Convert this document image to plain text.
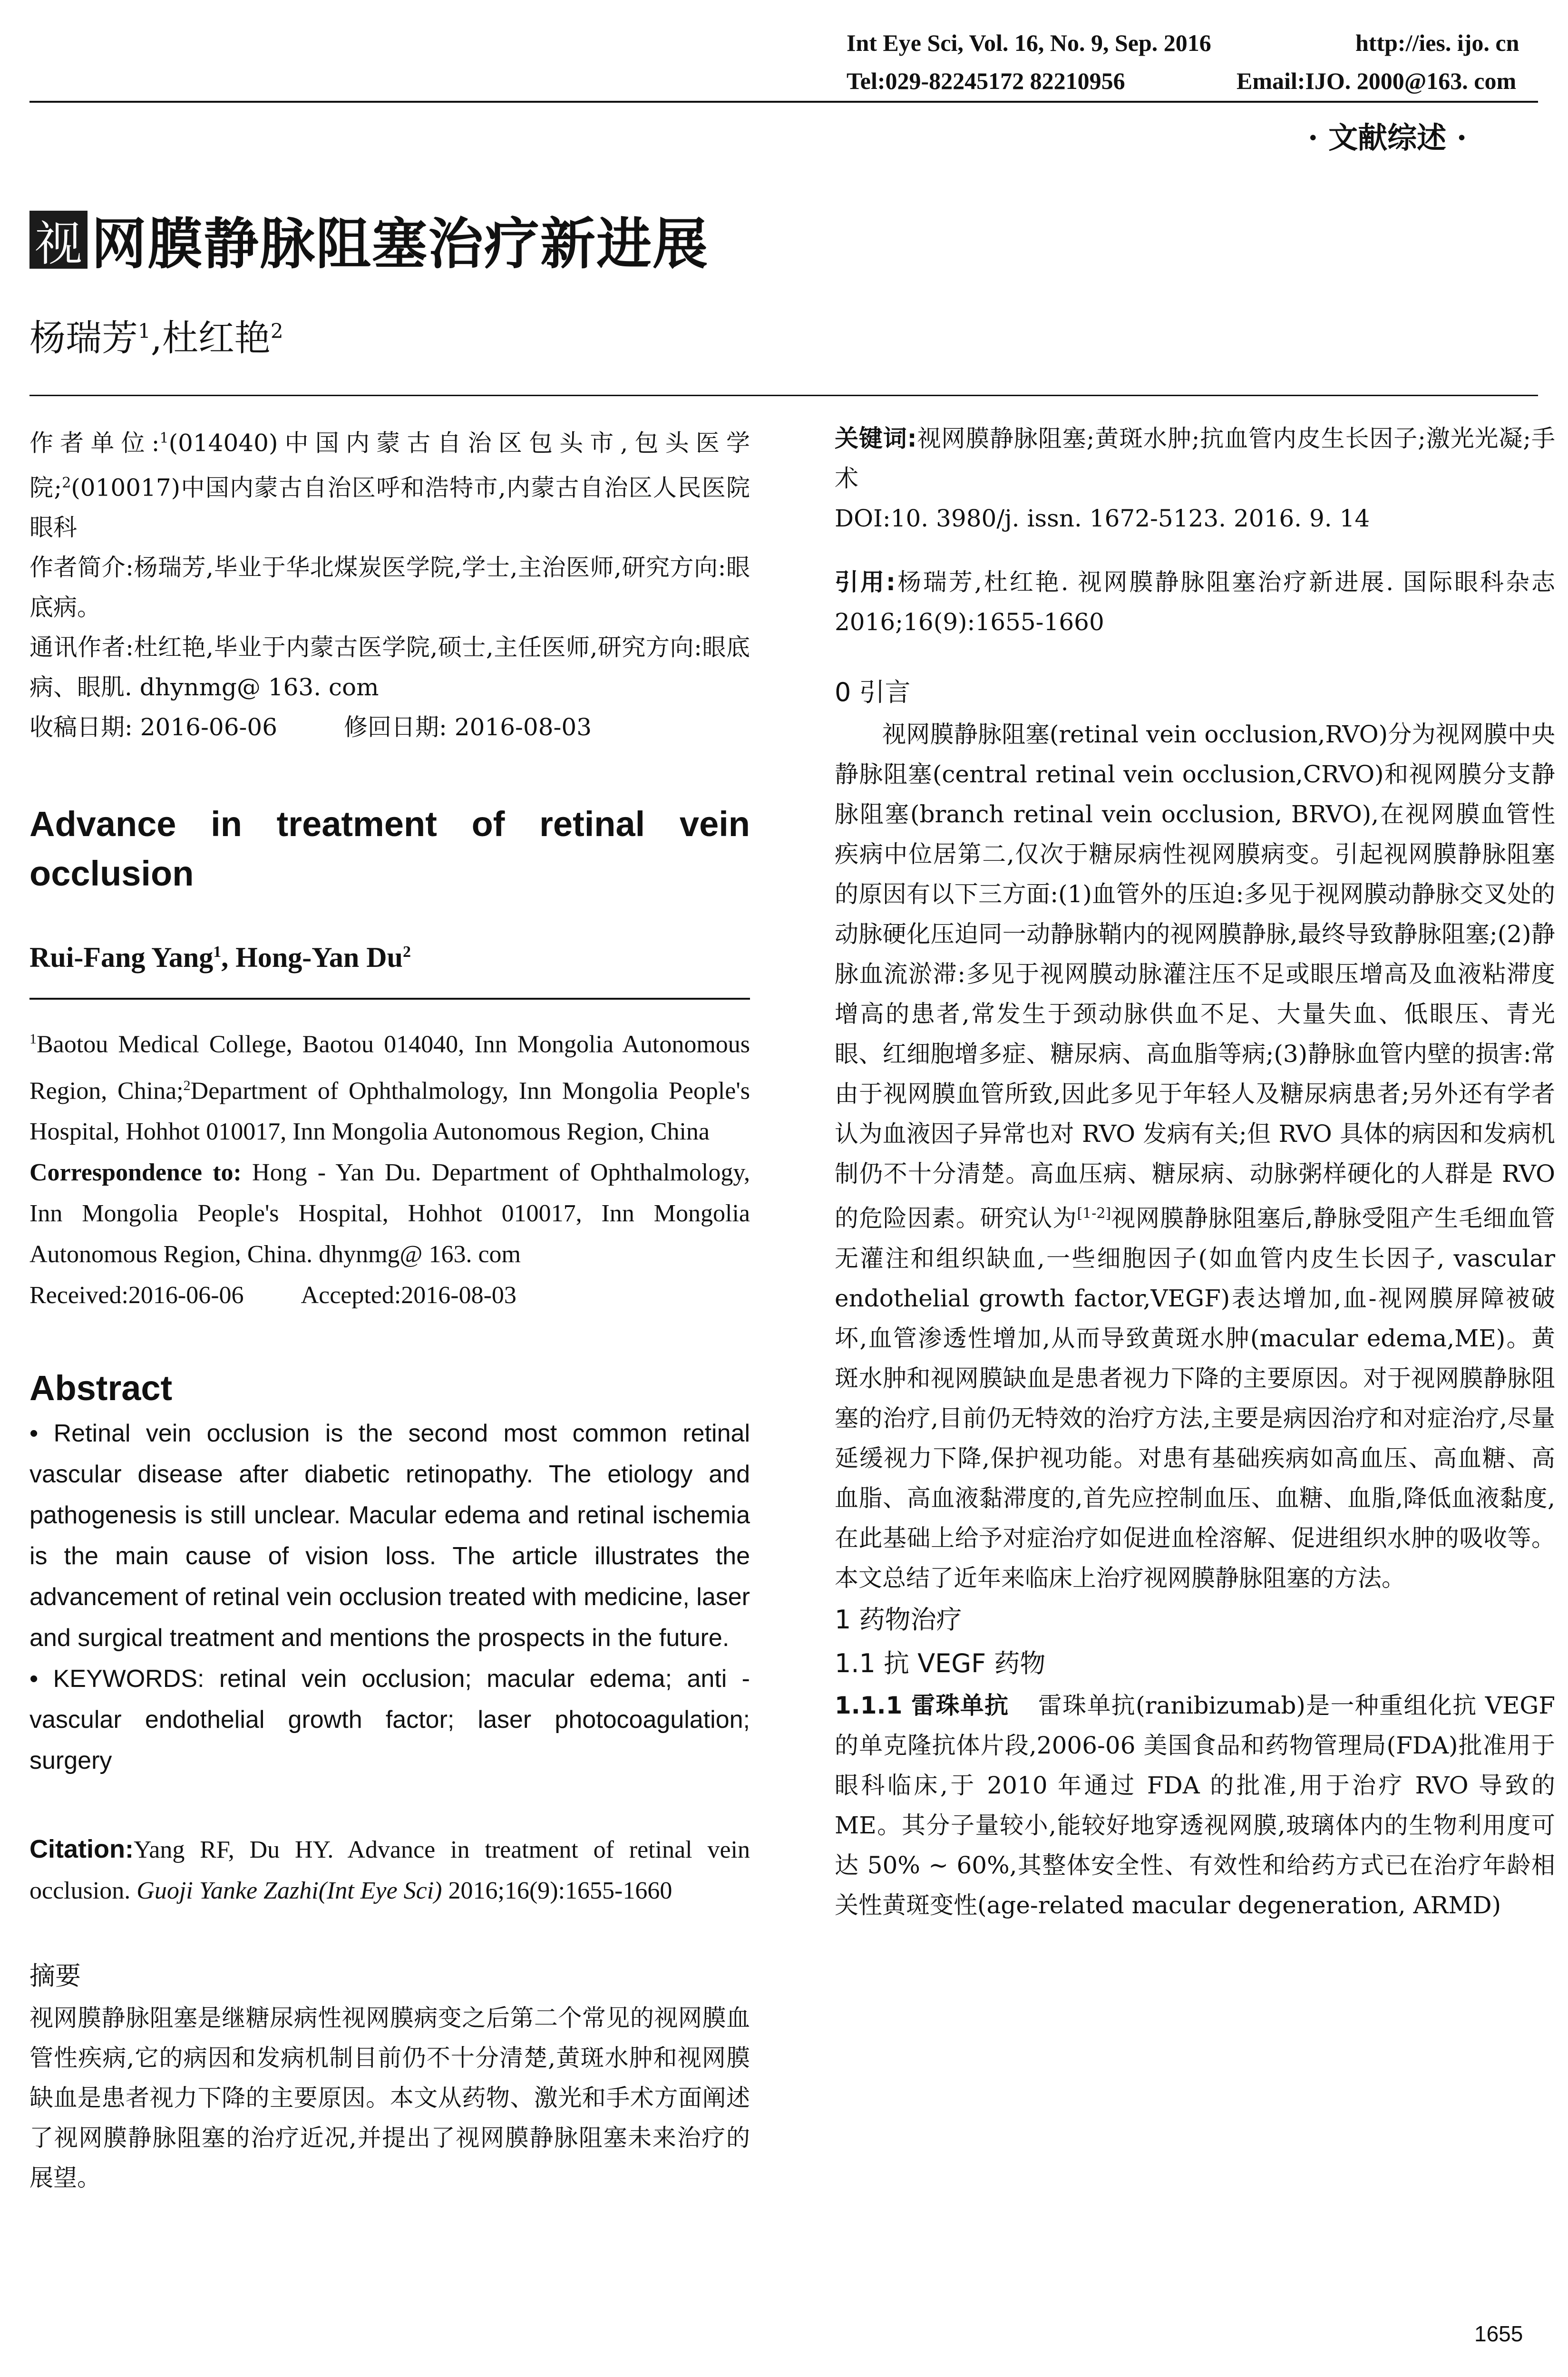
Int Eye Sci, Vol. 16, No. 9, Sep. 2016	http://ies. ijo. cn
Tel:029-82245172 82210956	Email:IJO. 2000@163. com
· 文献综述 ·
视 网膜静脉阻塞治疗新进展
杨瑞芳$^1$,杜红艳$^2$

作者单位:$^1$(014040)中国内蒙古自治区包头市,包头医学院;$^2$(010017)中国内蒙古自治区呼和浩特市,内蒙古自治区人民医院眼科

作者简介:杨瑞芳,毕业于华北煤炭医学院,学士,主治医师,研究方向:眼底病。

通讯作者:杜红艳,毕业于内蒙古医学院,硕士,主任医师,研究方向:眼底病、眼肌. dhynmg@ 163. com

收稿日期: 2016-06-06	修回日期: 2016-08-03

Advance in treatment of retinal vein occlusion

Rui-Fang Yang$^1$, Hong-Yan Du$^2$

$^1$Baotou Medical College, Baotou 014040, Inn Mongolia Autonomous Region, China;$^2$Department of Ophthalmology, Inn Mongolia People's Hospital, Hohhot 010017, Inn Mongolia Autonomous Region, China

Correspondence to: Hong - Yan Du. Department of Ophthalmology, Inn Mongolia People's Hospital, Hohhot 010017, Inn Mongolia Autonomous Region, China. dhynmg@ 163. com

Received:2016-06-06 Accepted:2016-08-03

Abstract

• Retinal vein occlusion is the second most common retinal vascular disease after diabetic retinopathy. The etiology and pathogenesis is still unclear. Macular edema and retinal ischemia is the main cause of vision loss. The article illustrates the advancement of retinal vein occlusion treated with medicine, laser and surgical treatment and mentions the prospects in the future.

• KEYWORDS: retinal vein occlusion; macular edema; anti - vascular endothelial growth factor; laser photocoagulation; surgery

Citation:Yang RF, Du HY. Advance in treatment of retinal vein occlusion. Guoji Yanke Zazhi(Int Eye Sci) 2016;16(9):1655-1660

摘要

视网膜静脉阻塞是继糖尿病性视网膜病变之后第二个常见的视网膜血管性疾病,它的病因和发病机制目前仍不十分清楚,黄斑水肿和视网膜缺血是患者视力下降的主要原因。本文从药物、激光和手术方面阐述了视网膜静脉阻塞的治疗近况,并提出了视网膜静脉阻塞未来治疗的展望。

关键词:视网膜静脉阻塞;黄斑水肿;抗血管内皮生长因子;激光光凝;手术

DOI:10. 3980/j. issn. 1672-5123. 2016. 9. 14

引用:杨瑞芳,杜红艳. 视网膜静脉阻塞治疗新进展. 国际眼科杂志 2016;16(9):1655-1660

0 引言

视网膜静脉阻塞(retinal vein occlusion,RVO)分为视网膜中央静脉阻塞(central retinal vein occlusion,CRVO)和视网膜分支静脉阻塞(branch retinal vein occlusion, BRVO),在视网膜血管性疾病中位居第二,仅次于糖尿病性视网膜病变。引起视网膜静脉阻塞的原因有以下三方面:(1)血管外的压迫:多见于视网膜动静脉交叉处的动脉硬化压迫同一动静脉鞘内的视网膜静脉,最终导致静脉阻塞;(2)静脉血流淤滞:多见于视网膜动脉灌注压不足或眼压增高及血液粘滞度增高的患者,常发生于颈动脉供血不足、大量失血、低眼压、青光眼、红细胞增多症、糖尿病、高血脂等病;(3)静脉血管内壁的损害:常由于视网膜血管所致,因此多见于年轻人及糖尿病患者;另外还有学者认为血液因子异常也对 RVO 发病有关;但 RVO 具体的病因和发病机制仍不十分清楚。高血压病、糖尿病、动脉粥样硬化的人群是 RVO 的危险因素。研究认为[1-2]视网膜静脉阻塞后,静脉受阻产生毛细血管无灌注和组织缺血,一些细胞因子(如血管内皮生长因子, vascular endothelial growth factor,VEGF)表达增加,血-视网膜屏障被破坏,血管渗透性增加,从而导致黄斑水肿(macular edema,ME)。黄斑水肿和视网膜缺血是患者视力下降的主要原因。对于视网膜静脉阻塞的治疗,目前仍无特效的治疗方法,主要是病因治疗和对症治疗,尽量延缓视力下降,保护视功能。对患有基础疾病如高血压、高血糖、高血脂、高血液黏滞度的,首先应控制血压、血糖、血脂,降低血液黏度,在此基础上给予对症治疗如促进血栓溶解、促进组织水肿的吸收等。本文总结了近年来临床上治疗视网膜静脉阻塞的方法。

1 药物治疗

1.1 抗 VEGF 药物

1.1.1 雷珠单抗 雷珠单抗(ranibizumab)是一种重组化抗 VEGF 的单克隆抗体片段,2006-06 美国食品和药物管理局(FDA)批准用于眼科临床,于 2010 年通过 FDA 的批准,用于治疗 RVO 导致的 ME。其分子量较小,能较好地穿透视网膜,玻璃体内的生物利用度可达 50% ~ 60%,其整体安全性、有效性和给药方式已在治疗年龄相关性黄斑变性(age-related macular degeneration, ARMD)

1655
